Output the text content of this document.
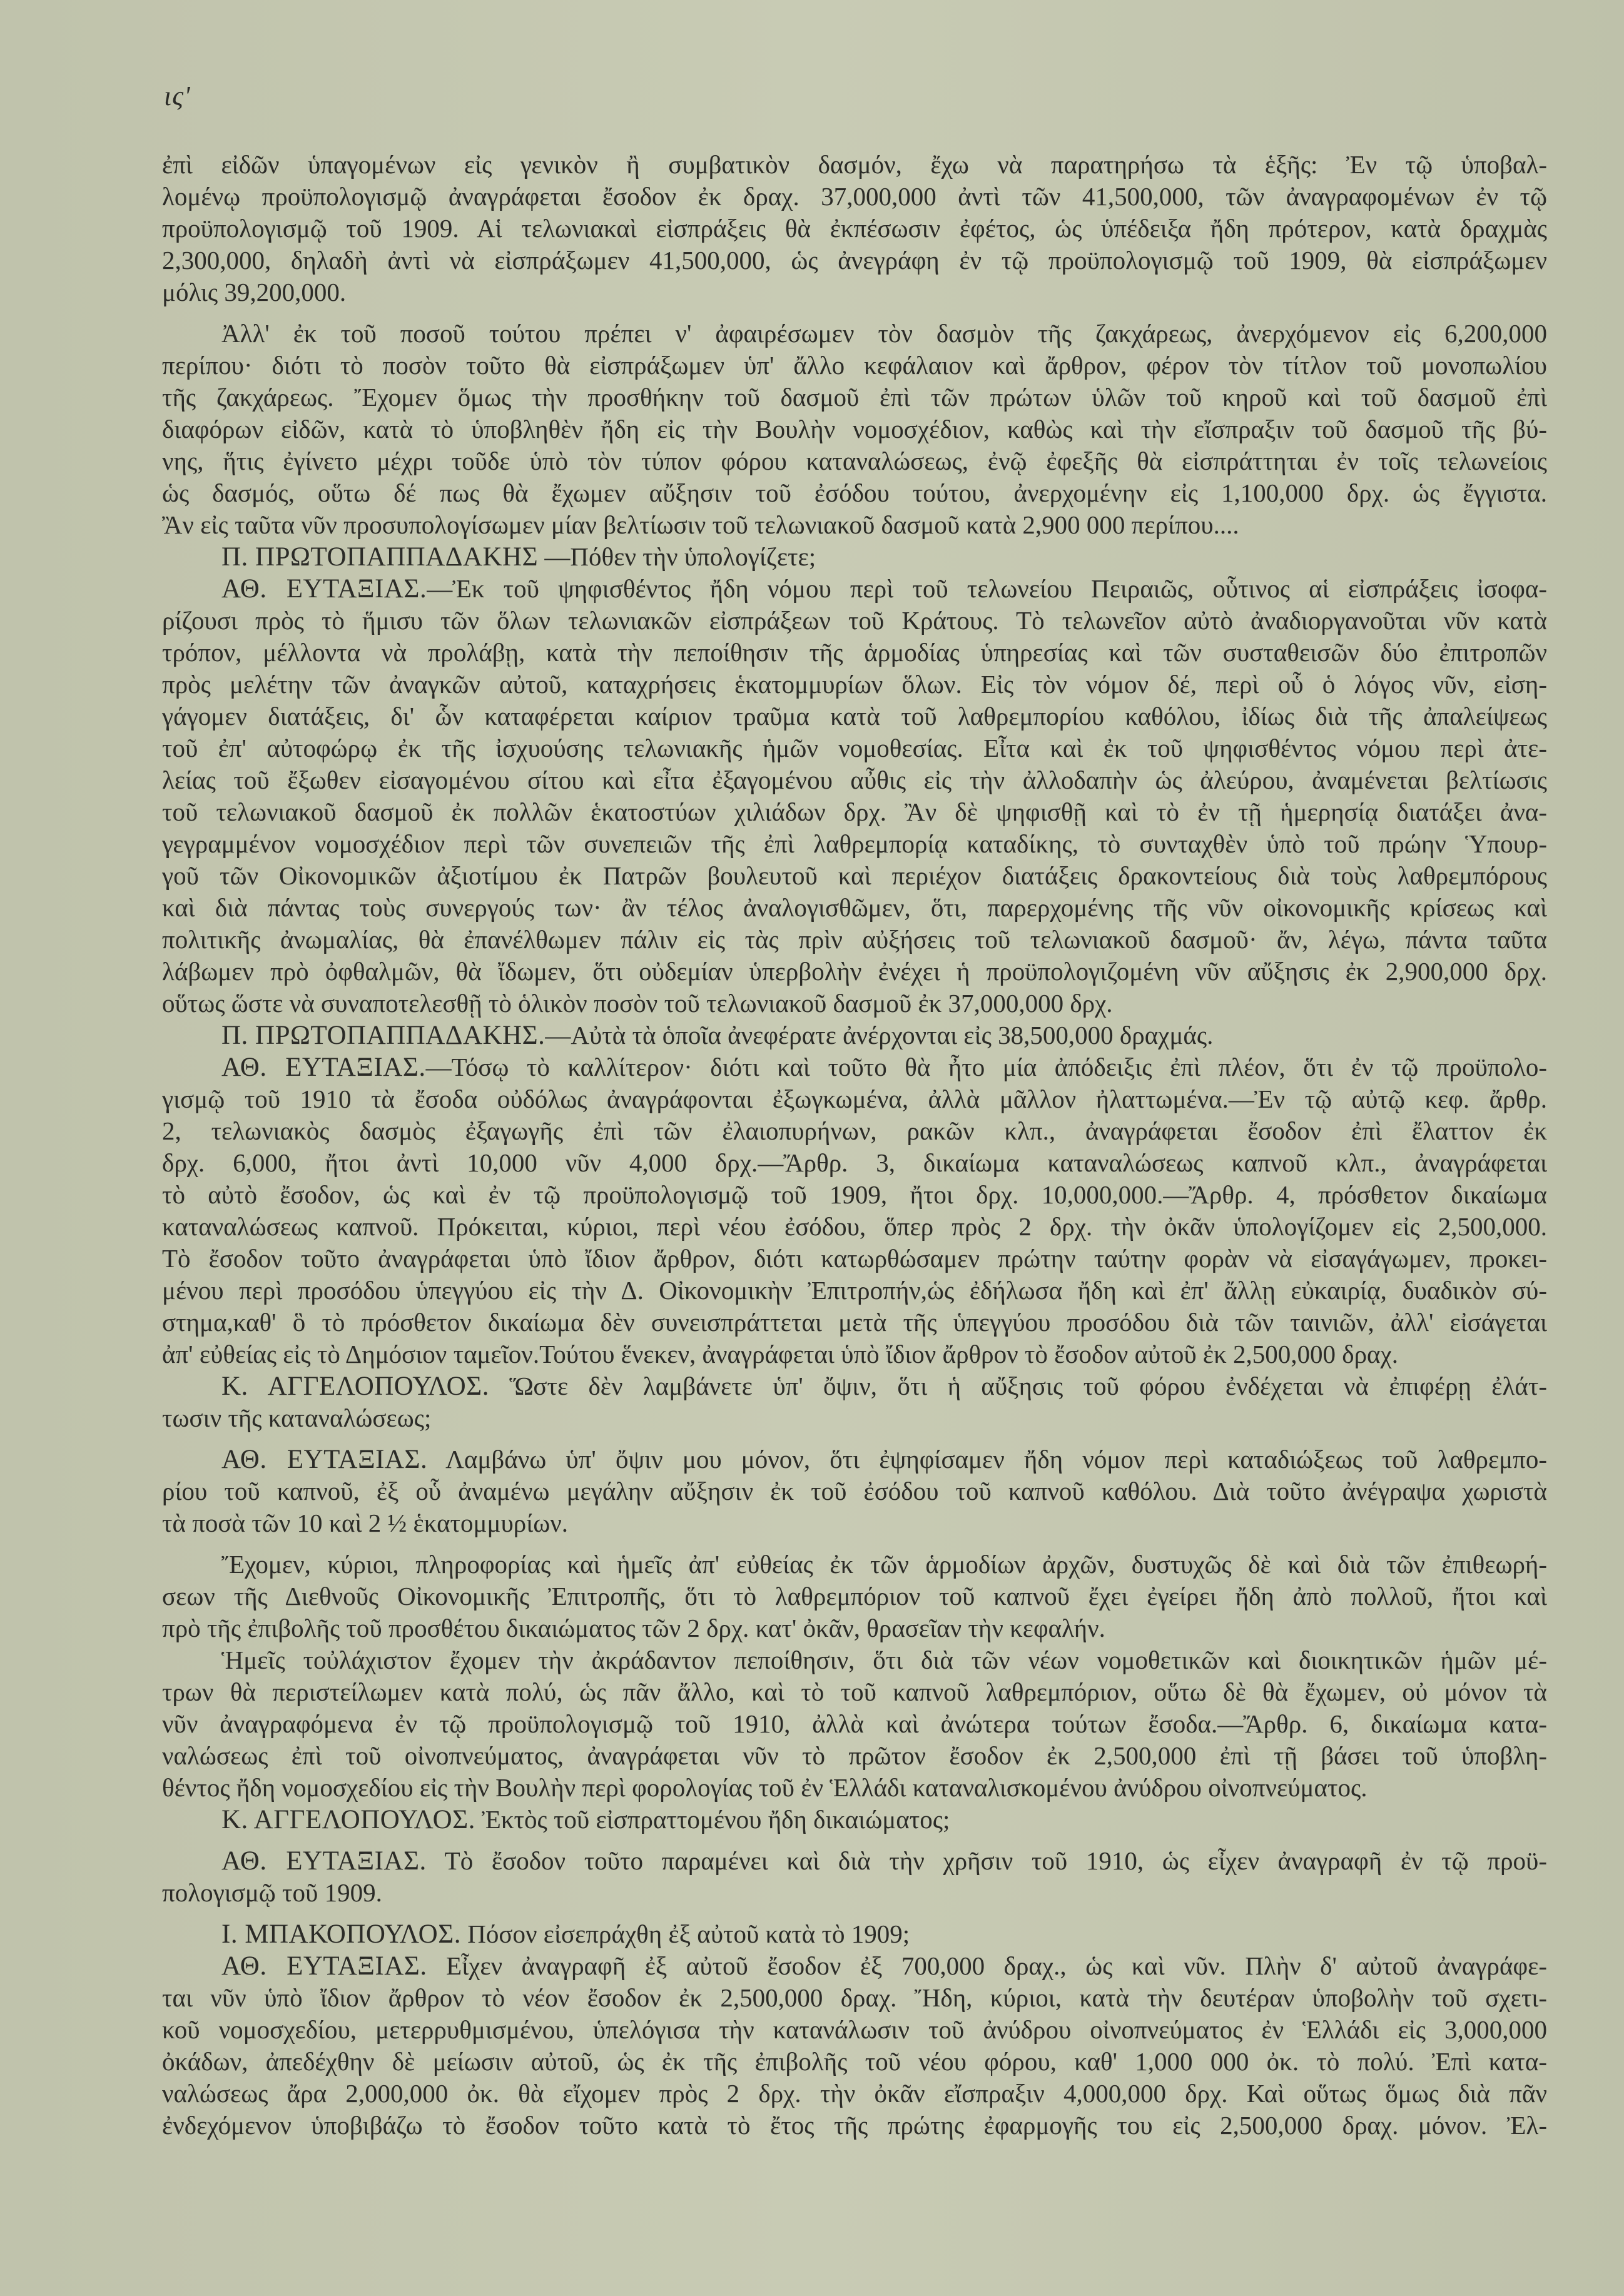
ις'
ἐπὶ εἰδῶν ὑπαγομένων εἰς γενικὸν ἢ συμβατικὸν δασμόν, ἔχω νὰ παρατηρήσω τὰ ἑξῆς: Ἐν τῷ ὑποβαλ-
λομένῳ προϋπολογισμῷ ἀναγράφεται ἔσοδον ἐκ δραχ. 37,000,000 ἀντὶ τῶν 41,500,000, τῶν ἀναγραφομένων ἐν τῷ
προϋπολογισμῷ τοῦ 1909. Αἱ τελωνιακαὶ εἰσπράξεις θὰ ἐκπέσωσιν ἐφέτος, ὡς ὑπέδειξα ἤδη πρότερον, κατὰ δραχμὰς
2,300,000, δηλαδὴ ἀντὶ νὰ εἰσπράξωμεν 41,500,000, ὡς ἀνεγράφη ἐν τῷ προϋπολογισμῷ τοῦ 1909, θὰ εἰσπράξωμεν
μόλις 39,200,000.
Ἀλλ' ἐκ τοῦ ποσοῦ τούτου πρέπει ν' ἀφαιρέσωμεν τὸν δασμὸν τῆς ζακχάρεως, ἀνερχόμενον εἰς 6,200,000
περίπου· διότι τὸ ποσὸν τοῦτο θὰ εἰσπράξωμεν ὑπ' ἄλλο κεφάλαιον καὶ ἄρθρον, φέρον τὸν τίτλον τοῦ μονοπωλίου
τῆς ζακχάρεως. Ἔχομεν ὅμως τὴν προσθήκην τοῦ δασμοῦ ἐπὶ τῶν πρώτων ὑλῶν τοῦ κηροῦ καὶ τοῦ δασμοῦ ἐπὶ
διαφόρων εἰδῶν, κατὰ τὸ ὑποβληθὲν ἤδη εἰς τὴν Βουλὴν νομοσχέδιον, καθὼς καὶ τὴν εἴσπραξιν τοῦ δασμοῦ τῆς βύ-
νης, ἥτις ἐγίνετο μέχρι τοῦδε ὑπὸ τὸν τύπον φόρου καταναλώσεως, ἐνῷ ἐφεξῆς θὰ εἰσπράττηται ἐν τοῖς τελωνείοις
ὡς δασμός, οὕτω δέ πως θὰ ἔχωμεν αὔξησιν τοῦ ἐσόδου τούτου, ἀνερχομένην εἰς 1,100,000 δρχ. ὡς ἔγγιστα.
Ἂν εἰς ταῦτα νῦν προσυπολογίσωμεν μίαν βελτίωσιν τοῦ τελωνιακοῦ δασμοῦ κατὰ 2,900 000 περίπου....
Π. ΠΡΩΤΟΠΑΠΠΑΔΑΚΗΣ —Πόθεν τὴν ὑπολογίζετε;
ΑΘ. ΕΥΤΑΞΙΑΣ.—Ἐκ τοῦ ψηφισθέντος ἤδη νόμου περὶ τοῦ τελωνείου Πειραιῶς, οὗτινος αἱ εἰσπράξεις ἰσοφα-
ρίζουσι πρὸς τὸ ἥμισυ τῶν ὅλων τελωνιακῶν εἰσπράξεων τοῦ Κράτους. Τὸ τελωνεῖον αὐτὸ ἀναδιοργανοῦται νῦν κατὰ
τρόπον, μέλλοντα νὰ προλάβῃ, κατὰ τὴν πεποίθησιν τῆς ἁρμοδίας ὑπηρεσίας καὶ τῶν συσταθεισῶν δύο ἐπιτροπῶν
πρὸς μελέτην τῶν ἀναγκῶν αὐτοῦ, καταχρήσεις ἑκατομμυρίων ὅλων. Εἰς τὸν νόμον δέ, περὶ οὗ ὁ λόγος νῦν, εἰση-
γάγομεν διατάξεις, δι' ὧν καταφέρεται καίριον τραῦμα κατὰ τοῦ λαθρεμπορίου καθόλου, ἰδίως διὰ τῆς ἀπαλείψεως
τοῦ ἐπ' αὐτοφώρῳ ἐκ τῆς ἰσχυούσης τελωνιακῆς ἡμῶν νομοθεσίας. Εἶτα καὶ ἐκ τοῦ ψηφισθέντος νόμου περὶ ἀτε-
λείας τοῦ ἔξωθεν εἰσαγομένου σίτου καὶ εἶτα ἐξαγομένου αὖθις εἰς τὴν ἀλλοδαπὴν ὡς ἀλεύρου, ἀναμένεται βελτίωσις
τοῦ τελωνιακοῦ δασμοῦ ἐκ πολλῶν ἑκατοστύων χιλιάδων δρχ. Ἂν δὲ ψηφισθῇ καὶ τὸ ἐν τῇ ἡμερησίᾳ διατάξει ἀνα-
γεγραμμένον νομοσχέδιον περὶ τῶν συνεπειῶν τῆς ἐπὶ λαθρεμπορίᾳ καταδίκης, τὸ συνταχθὲν ὑπὸ τοῦ πρώην Ὑπουρ-
γοῦ τῶν Οἰκονομικῶν ἀξιοτίμου ἐκ Πατρῶν βουλευτοῦ καὶ περιέχον διατάξεις δρακοντείους διὰ τοὺς λαθρεμπόρους
καὶ διὰ πάντας τοὺς συνεργούς των· ἂν τέλος ἀναλογισθῶμεν, ὅτι, παρερχομένης τῆς νῦν οἰκονομικῆς κρίσεως καὶ
πολιτικῆς ἀνωμαλίας, θὰ ἐπανέλθωμεν πάλιν εἰς τὰς πρὶν αὐξήσεις τοῦ τελωνιακοῦ δασμοῦ· ἄν, λέγω, πάντα ταῦτα
λάβωμεν πρὸ ὀφθαλμῶν, θὰ ἴδωμεν, ὅτι οὐδεμίαν ὑπερβολὴν ἐνέχει ἡ προϋπολογιζομένη νῦν αὔξησις ἐκ 2,900,000 δρχ.
οὕτως ὥστε νὰ συναποτελεσθῇ τὸ ὁλικὸν ποσὸν τοῦ τελωνιακοῦ δασμοῦ ἐκ 37,000,000 δρχ.
Π. ΠΡΩΤΟΠΑΠΠΑΔΑΚΗΣ.—Αὐτὰ τὰ ὁποῖα ἀνεφέρατε ἀνέρχονται εἰς 38,500,000 δραχμάς.
ΑΘ. ΕΥΤΑΞΙΑΣ.—Τόσῳ τὸ καλλίτερον· διότι καὶ τοῦτο θὰ ἦτο μία ἀπόδειξις ἐπὶ πλέον, ὅτι ἐν τῷ προϋπολο-
γισμῷ τοῦ 1910 τὰ ἔσοδα οὐδόλως ἀναγράφονται ἐξωγκωμένα, ἀλλὰ μᾶλλον ἠλαττωμένα.—Ἐν τῷ αὐτῷ κεφ. ἄρθρ.
2, τελωνιακὸς δασμὸς ἐξαγωγῆς ἐπὶ τῶν ἐλαιοπυρήνων, ρακῶν κλπ., ἀναγράφεται ἔσοδον ἐπὶ ἔλαττον ἐκ
δρχ. 6,000, ἤτοι ἀντὶ 10,000 νῦν 4,000 δρχ.—Ἄρθρ. 3, δικαίωμα καταναλώσεως καπνοῦ κλπ., ἀναγράφεται
τὸ αὐτὸ ἔσοδον, ὡς καὶ ἐν τῷ προϋπολογισμῷ τοῦ 1909, ἤτοι δρχ. 10,000,000.—Ἄρθρ. 4, πρόσθετον δικαίωμα
καταναλώσεως καπνοῦ. Πρόκειται, κύριοι, περὶ νέου ἐσόδου, ὅπερ πρὸς 2 δρχ. τὴν ὀκᾶν ὑπολογίζομεν εἰς 2,500,000.
Τὸ ἔσοδον τοῦτο ἀναγράφεται ὑπὸ ἴδιον ἄρθρον, διότι κατωρθώσαμεν πρώτην ταύτην φορὰν νὰ εἰσαγάγωμεν, προκει-
μένου περὶ προσόδου ὑπεγγύου εἰς τὴν Δ. Οἰκονομικὴν Ἐπιτροπήν,ὡς ἐδήλωσα ἤδη καὶ ἐπ' ἄλλῃ εὐκαιρίᾳ, δυαδικὸν σύ-
στημα,καθ' ὃ τὸ πρόσθετον δικαίωμα δὲν συνεισπράττεται μετὰ τῆς ὑπεγγύου προσόδου διὰ τῶν ταινιῶν, ἀλλ' εἰσάγεται
ἀπ' εὐθείας εἰς τὸ Δημόσιον ταμεῖον.Τούτου ἕνεκεν, ἀναγράφεται ὑπὸ ἴδιον ἄρθρον τὸ ἔσοδον αὐτοῦ ἐκ 2,500,000 δραχ.
Κ. ΑΓΓΕΛΟΠΟΥΛΟΣ. Ὥστε δὲν λαμβάνετε ὑπ' ὄψιν, ὅτι ἡ αὔξησις τοῦ φόρου ἐνδέχεται νὰ ἐπιφέρῃ ἐλάτ-
τωσιν τῆς καταναλώσεως;
ΑΘ. ΕΥΤΑΞΙΑΣ. Λαμβάνω ὑπ' ὄψιν μου μόνον, ὅτι ἐψηφίσαμεν ἤδη νόμον περὶ καταδιώξεως τοῦ λαθρεμπο-
ρίου τοῦ καπνοῦ, ἐξ οὗ ἀναμένω μεγάλην αὔξησιν ἐκ τοῦ ἐσόδου τοῦ καπνοῦ καθόλου. Διὰ τοῦτο ἀνέγραψα χωριστὰ
τὰ ποσὰ τῶν 10 καὶ 2 ½ ἑκατομμυρίων.
Ἔχομεν, κύριοι, πληροφορίας καὶ ἡμεῖς ἀπ' εὐθείας ἐκ τῶν ἁρμοδίων ἀρχῶν, δυστυχῶς δὲ καὶ διὰ τῶν ἐπιθεωρή-
σεων τῆς Διεθνοῦς Οἰκονομικῆς Ἐπιτροπῆς, ὅτι τὸ λαθρεμπόριον τοῦ καπνοῦ ἔχει ἐγείρει ἤδη ἀπὸ πολλοῦ, ἤτοι καὶ
πρὸ τῆς ἐπιβολῆς τοῦ προσθέτου δικαιώματος τῶν 2 δρχ. κατ' ὀκᾶν, θρασεῖαν τὴν κεφαλήν.
Ἡμεῖς τοὐλάχιστον ἔχομεν τὴν ἀκράδαντον πεποίθησιν, ὅτι διὰ τῶν νέων νομοθετικῶν καὶ διοικητικῶν ἡμῶν μέ-
τρων θὰ περιστείλωμεν κατὰ πολύ, ὡς πᾶν ἄλλο, καὶ τὸ τοῦ καπνοῦ λαθρεμπόριον, οὕτω δὲ θὰ ἔχωμεν, οὐ μόνον τὰ
νῦν ἀναγραφόμενα ἐν τῷ προϋπολογισμῷ τοῦ 1910, ἀλλὰ καὶ ἀνώτερα τούτων ἔσοδα.—Ἄρθρ. 6, δικαίωμα κατα-
ναλώσεως ἐπὶ τοῦ οἰνοπνεύματος, ἀναγράφεται νῦν τὸ πρῶτον ἔσοδον ἐκ 2,500,000 ἐπὶ τῇ βάσει τοῦ ὑποβλη-
θέντος ἤδη νομοσχεδίου εἰς τὴν Βουλὴν περὶ φορολογίας τοῦ ἐν Ἑλλάδι καταναλισκομένου ἀνύδρου οἰνοπνεύματος.
Κ. ΑΓΓΕΛΟΠΟΥΛΟΣ. Ἐκτὸς τοῦ εἰσπραττομένου ἤδη δικαιώματος;
ΑΘ. ΕΥΤΑΞΙΑΣ. Τὸ ἔσοδον τοῦτο παραμένει καὶ διὰ τὴν χρῆσιν τοῦ 1910, ὡς εἶχεν ἀναγραφῆ ἐν τῷ προϋ-
πολογισμῷ τοῦ 1909.
Ι. ΜΠΑΚΟΠΟΥΛΟΣ. Πόσον εἰσεπράχθη ἐξ αὐτοῦ κατὰ τὸ 1909;
ΑΘ. ΕΥΤΑΞΙΑΣ. Εἶχεν ἀναγραφῆ ἐξ αὐτοῦ ἔσοδον ἐξ 700,000 δραχ., ὡς καὶ νῦν. Πλὴν δ' αὐτοῦ ἀναγράφε-
ται νῦν ὑπὸ ἴδιον ἄρθρον τὸ νέον ἔσοδον ἐκ 2,500,000 δραχ. Ἤδη, κύριοι, κατὰ τὴν δευτέραν ὑποβολὴν τοῦ σχετι-
κοῦ νομοσχεδίου, μετερρυθμισμένου, ὑπελόγισα τὴν κατανάλωσιν τοῦ ἀνύδρου οἰνοπνεύματος ἐν Ἑλλάδι εἰς 3,000,000
ὀκάδων, ἀπεδέχθην δὲ μείωσιν αὐτοῦ, ὡς ἐκ τῆς ἐπιβολῆς τοῦ νέου φόρου, καθ' 1,000 000 ὀκ. τὸ πολύ. Ἐπὶ κατα-
ναλώσεως ἄρα 2,000,000 ὀκ. θὰ εἴχομεν πρὸς 2 δρχ. τὴν ὀκᾶν εἴσπραξιν 4,000,000 δρχ. Καὶ οὕτως ὅμως διὰ πᾶν
ἐνδεχόμενον ὑποβιβάζω τὸ ἔσοδον τοῦτο κατὰ τὸ ἔτος τῆς πρώτης ἐφαρμογῆς του εἰς 2,500,000 δραχ. μόνον. Ἐλ-
